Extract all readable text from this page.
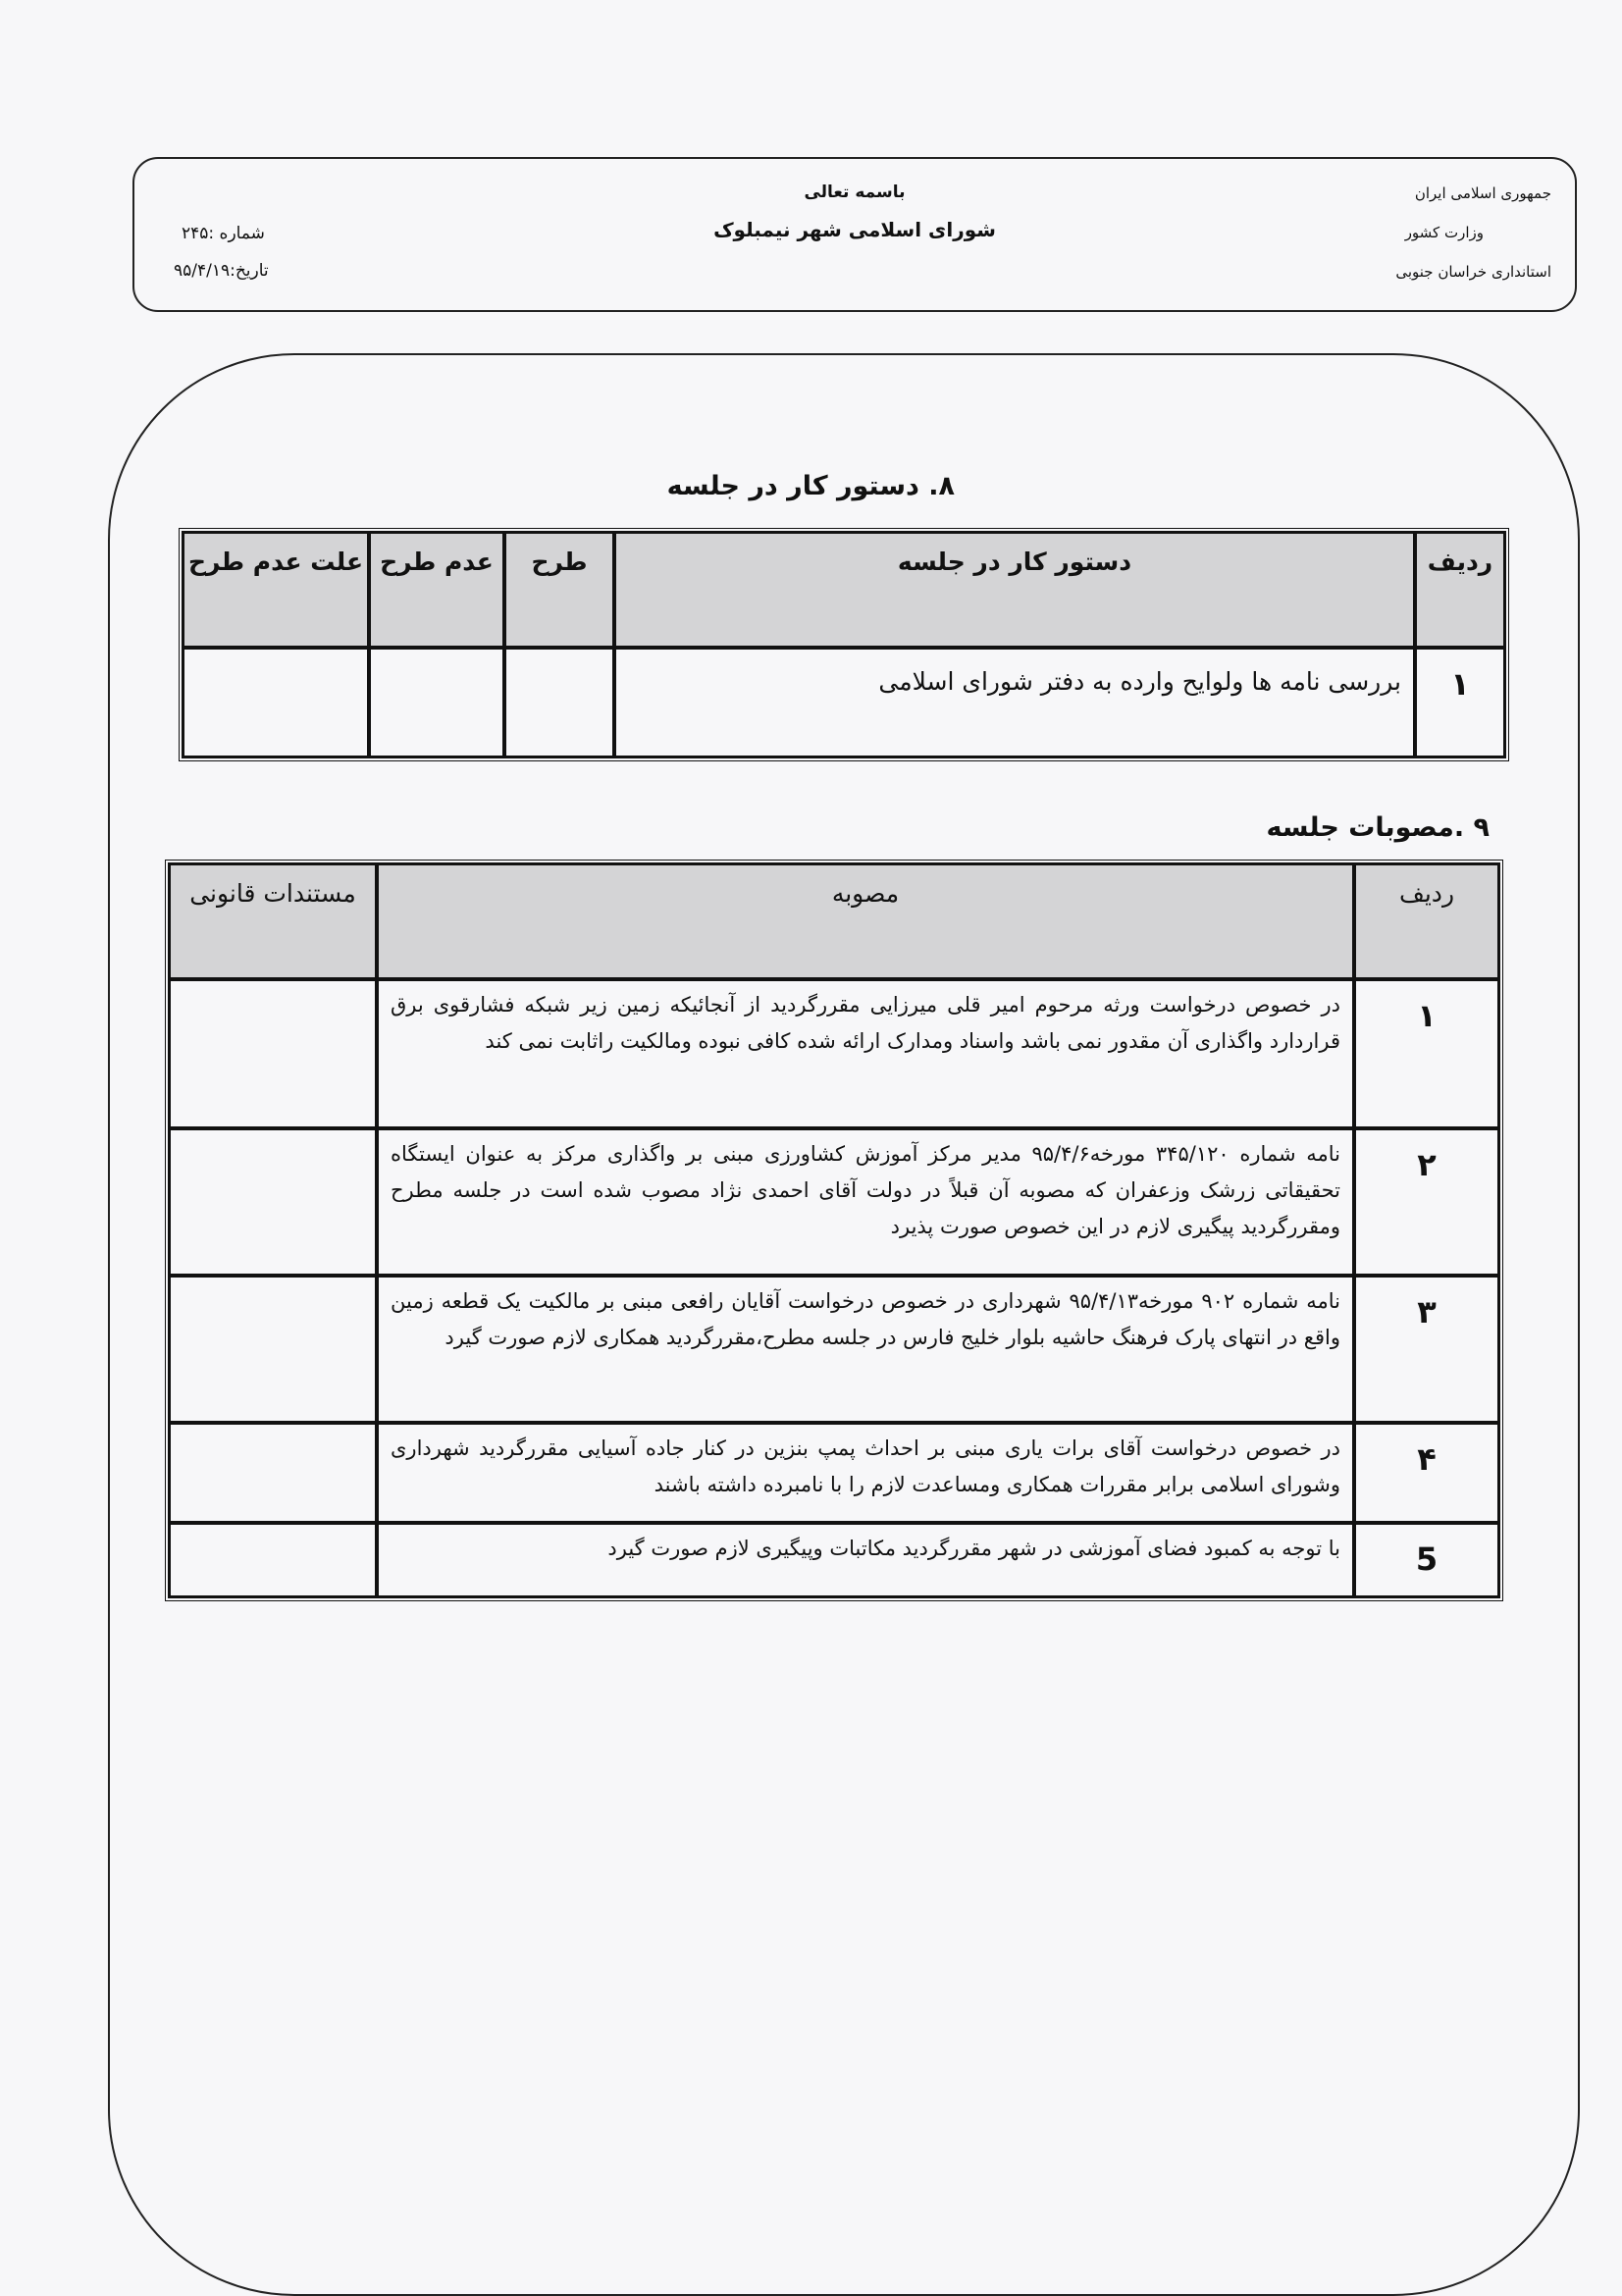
جمهوری اسلامی ایران
وزارت کشور
استانداری خراسان جنوبی
باسمه تعالی
شورای اسلامی شهر نیمبلوک
شماره :۲۴۵
تاریخ:۹۵/۴/۱۹
۸. دستور کار در جلسه
ردیف	دستور کار در جلسه	طرح	عدم طرح	علت عدم طرح
۱	بررسی نامه ها ولوایح وارده به دفتر شورای اسلامی			
۹ .مصوبات جلسه
ردیف	مصوبه	مستندات قانونی
۱	در خصوص درخواست ورثه مرحوم امیر قلی میرزایی مقررگردید از آنجائیکه زمین زیر شبکه فشارقوی برق قراردارد واگذاری آن مقدور نمی باشد واسناد ومدارک ارائه شده کافی نبوده ومالکیت راثابت نمی کند	
۲	نامه شماره ۳۴۵/۱۲۰ مورخه۹۵/۴/۶ مدیر مرکز آموزش کشاورزی مبنی بر واگذاری مرکز به عنوان ایستگاه تحقیقاتی زرشک وزعفران که مصوبه آن قبلاً در دولت آقای احمدی نژاد مصوب شده است در جلسه مطرح ومقررگردید پیگیری لازم در این خصوص صورت پذیرد	
۳	نامه شماره ۹۰۲ مورخه۹۵/۴/۱۳ شهرداری در خصوص درخواست آقایان رافعی مبنی بر مالکیت یک قطعه زمین واقع در انتهای پارک فرهنگ حاشیه بلوار خلیج فارس در جلسه مطرح،مقررگردید همکاری لازم صورت گیرد	
۴	در خصوص درخواست آقای برات یاری مبنی بر احداث پمپ بنزین در کنار جاده آسیایی مقررگردید شهرداری وشورای اسلامی برابر مقررات همکاری ومساعدت لازم را با نامبرده داشته باشند	
5	با توجه به کمبود فضای آموزشی در شهر مقررگردید مکاتبات وپیگیری لازم صورت گیرد	
